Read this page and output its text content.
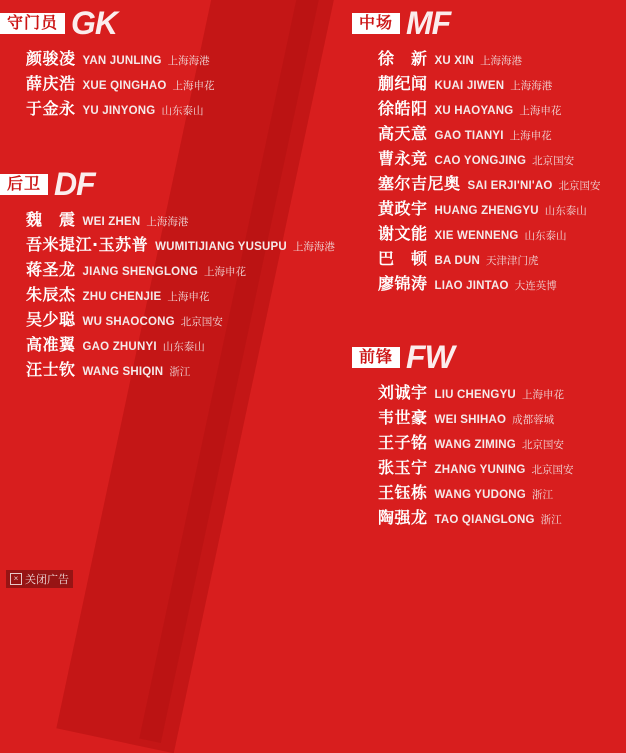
守门员 GK
颜骏凌 YAN JUNLING 上海海港
薛庆浩 XUE QINGHAO 上海申花
于金永 YU JINYONG 山东泰山
后卫 DF
魏　震 WEI ZHEN 上海海港
吾米提江·玉苏普 WUMITIJIANG YUSUPU 上海海港
蒋圣龙 JIANG SHENGLONG 上海申花
朱辰杰 ZHU CHENJIE 上海申花
吴少聪 WU SHAOCONG 北京国安
高准翼 GAO ZHUNYI 山东泰山
汪士钦 WANG SHIQIN 浙江
中场 MF
徐　新 XU XIN 上海海港
蒯纪闻 KUAI JIWEN 上海海港
徐皓阳 XU HAOYANG 上海申花
高天意 GAO TIANYI 上海申花
曹永竞 CAO YONGJING 北京国安
塞尔吉尼奥 SAI ERJI'NI'AO 北京国安
黄政宇 HUANG ZHENGYU 山东泰山
谢文能 XIE WENNENG 山东泰山
巴　顿 BA DUN 天津津门虎
廖锦涛 LIAO JINTAO 大连英博
前锋 FW
刘诚宇 LIU CHENGYU 上海申花
韦世豪 WEI SHIHAO 成都蓉城
王子铭 WANG ZIMING 北京国安
张玉宁 ZHANG YUNING 北京国安
王钰栋 WANG YUDONG 浙江
陶强龙 TAO QIANGLONG 浙江
× 关闭广告
